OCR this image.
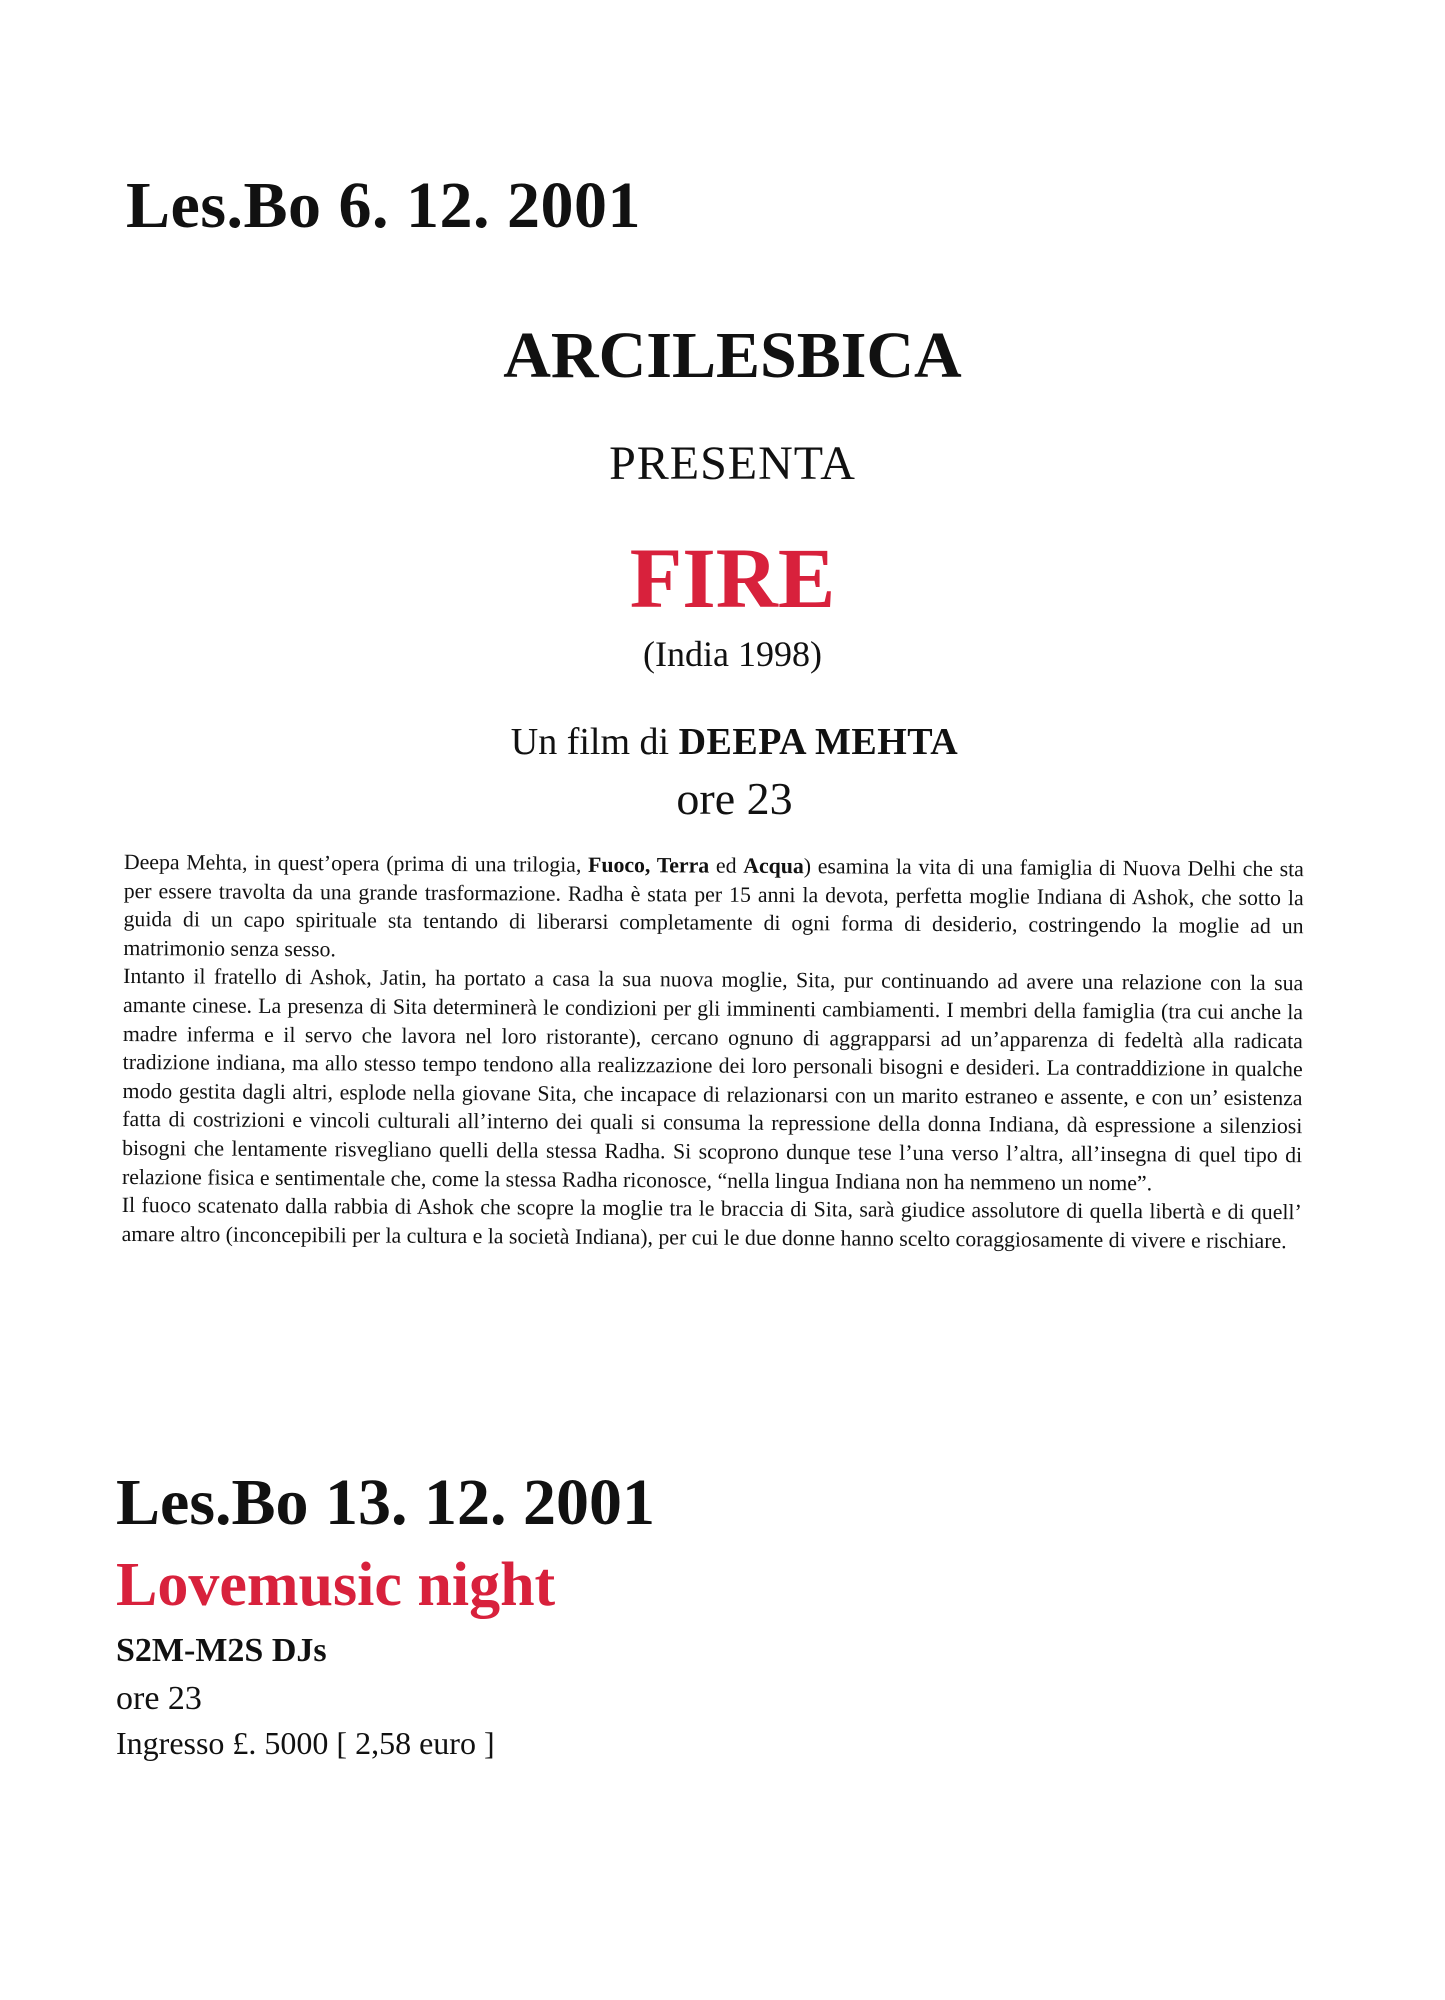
Les.Bo 6. 12. 2001
ARCILESBICA
PRESENTA
FIRE
(India 1998)
Un film di DEEPA MEHTA
ore 23

Deepa Mehta, in quest’opera (prima di una trilogia, Fuoco, Terra ed Acqua) esamina la vita di una famiglia di Nuova Delhi che sta per essere travolta da una grande trasformazione. Radha è stata per 15 anni la devota, perfetta moglie Indiana di Ashok, che sotto la guida di un capo spirituale sta tentando di liberarsi completamente di ogni forma di desiderio, costringendo la moglie ad un matrimonio senza sesso.

Intanto il fratello di Ashok, Jatin, ha portato a casa la sua nuova moglie, Sita, pur continuando ad avere una relazione con la sua amante cinese. La presenza di Sita determinerà le condizioni per gli imminenti cambiamenti. I membri della famiglia (tra cui anche la madre inferma e il servo che lavora nel loro ristorante), cercano ognuno di aggrapparsi ad un’apparenza di fedeltà alla radicata tradizione indiana, ma allo stesso tempo tendono alla realizzazione dei loro personali bisogni e desideri. La contraddizione in qualche modo gestita dagli altri, esplode nella giovane Sita, che incapace di relazionarsi con un marito estraneo e assente, e con un’ esistenza fatta di costrizioni e vincoli culturali all’interno dei quali si consuma la repressione della donna Indiana, dà espressione a silenziosi bisogni che lentamente risvegliano quelli della stessa Radha. Si scoprono dunque tese l’una verso l’altra, all’insegna di quel tipo di relazione fisica e sentimentale che, come la stessa Radha riconosce, “nella lingua Indiana non ha nemmeno un nome”.

Il fuoco scatenato dalla rabbia di Ashok che scopre la moglie tra le braccia di Sita, sarà giudice assolutore di quella libertà e di quell’ amare altro (inconcepibili per la cultura e la società Indiana), per cui le due donne hanno scelto coraggiosamente di vivere e rischiare.

Les.Bo 13. 12. 2001
Lovemusic night
S2M-M2S DJs
ore 23
Ingresso £. 5000 [ 2,58 euro ]
